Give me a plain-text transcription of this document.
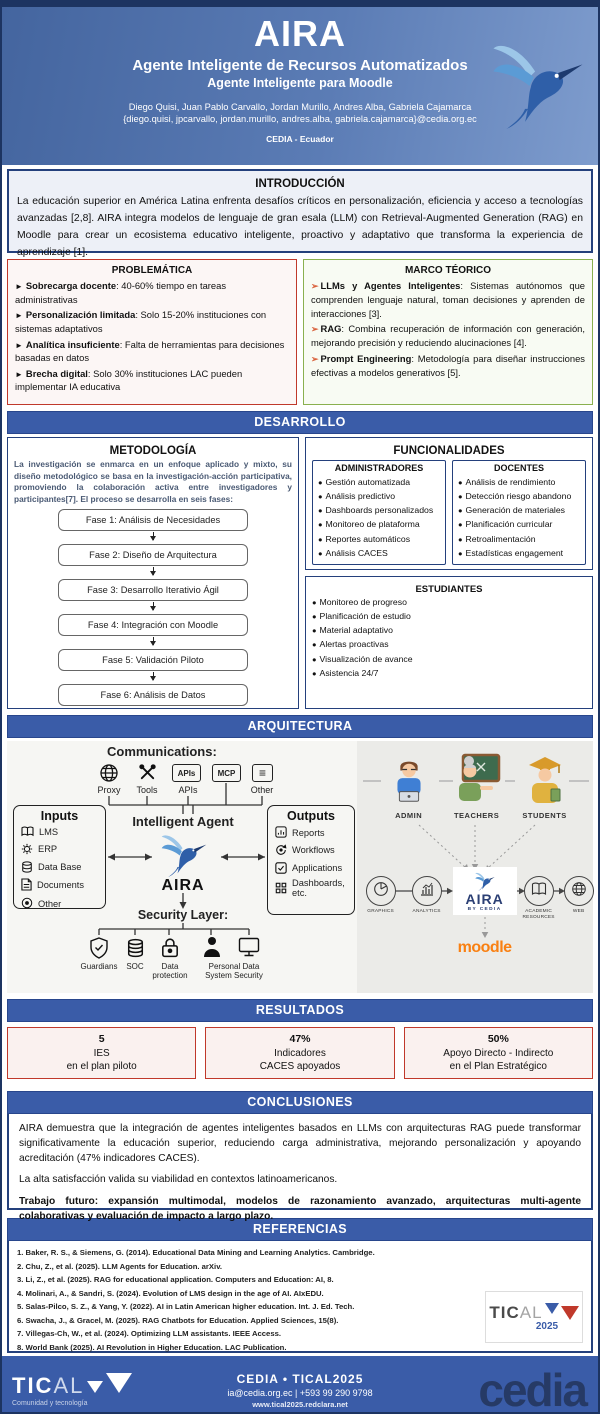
AIRA
Agente Inteligente de Recursos Automatizados
Agente Inteligente para Moodle
Diego Quisi, Juan Pablo Carvallo, Jordan Murillo, Andres Alba, Gabriela Cajamarca
{diego.quisi, jpcarvallo, jordan.murillo, andres.alba, gabriela.cajamarca}@cedia.org.ec
CEDIA - Ecuador
INTRODUCCIÓN

La educación superior en América Latina enfrenta desafíos críticos en personalización, eficiencia y acceso a tecnologías avanzadas [2,8]. AIRA integra modelos de lenguaje de gran esala (LLM) con Retrieval-Augmented Generation (RAG) en Moodle para crear un ecosistema educativo inteligente, proactivo y adaptativo que transforma la experiencia de aprendizaje [1].

PROBLEMÁTICA
► Sobrecarga docente: 40-60% tiempo en tareas administrativas
► Personalización limitada: Solo 15-20% instituciones con sistemas adaptativos
► Analítica insuficiente: Falta de herramientas para decisiones basadas en datos
► Brecha digital: Solo 30% instituciones LAC pueden implementar IA educativa
MARCO TÉORICO
➢ LLMs y Agentes Inteligentes: Sistemas autónomos que comprenden lenguaje natural, toman decisiones y aprenden de interacciones [3].
➢ RAG: Combina recuperación de información con generación, mejorando precisión y reduciendo alucinaciones [4].
➢ Prompt Engineering: Metodología para diseñar instrucciones efectivas a modelos generativos [5].
DESARROLLO
METODOLOGÍA

La investigación se enmarca en un enfoque aplicado y mixto, su diseño metodológico se basa en la investigación-acción participativa, promoviendo la colaboración activa entre investigadores y participantes[7]. El proceso se desarrolla en seis fases:

Fase 1: Análisis de Necesidades
Fase 2: Diseño de Arquitectura
Fase 3: Desarrollo Iterativio Ágil
Fase 4: Integración con Moodle
Fase 5: Validación Piloto
Fase 6: Análisis de Datos
FUNCIONALIDADES
ADMINISTRADORES
● Gestión automatizada
● Análisis predictivo
● Dashboards personalizados
● Monitoreo de plataforma
● Reportes automáticos
● Análisis CACES
DOCENTES
● Análisis de rendimiento
● Detección riesgo abandono
● Generación de materiales
● Planificación curricular
● Retroalimentación
● Estadísticas engagement
ESTUDIANTES
● Monitoreo de progreso
● Planificación de estudio
● Material adaptativo
● Alertas proactivas
● Visualización de avance
● Asistencia 24/7
ARQUITECTURA
Communications:
APIs	MCP	≡
Proxy	Tools	APIs	Other
Intelligent Agent
AIRA
Inputs
LMS
ERP
Data Base
Documents
Other
Outputs
Reports
Workflows
Applications
Dashboards, etc.
Security Layer:
Guardians	SOC	Data protection
Personal Data System Security
ADMIN	TEACHERS	STUDENTS
GRAPHICS	ANALYTICS	ACADEMIC RESOURCES
WEB
AIRA
BY CEDIA
moodle
RESULTADOS
5
IES
en el plan piloto
47%
Indicadores
CACES apoyados
50%
Apoyo Directo - Indirecto
en el Plan Estratégico
CONCLUSIONES

AIRA demuestra que la integración de agentes inteligentes basados en LLMs con arquitecturas RAG puede transformar significativamente la educación superior, reduciendo carga administrativa, mejorando personalización y apoyando acreditación (47% indicadores CACES).

La alta satisfacción valida su viabilidad en contextos latinoamericanos.

Trabajo futuro: expansión multimodal, modelos de razonamiento avanzado, arquitecturas multi-agente colaborativas y evaluación de impacto a largo plazo.

REFERENCIAS
1. Baker, R. S., & Siemens, G. (2014). Educational Data Mining and Learning Analytics. Cambridge.
2. Chu, Z., et al. (2025). LLM Agents for Education. arXiv.
3. Li, Z., et al. (2025). RAG for educational application. Computers and Education: AI, 8.
4. Molinari, A., & Sandri, S. (2024). Evolution of LMS design in the age of AI. AIxEDU.
5. Salas-Pilco, S. Z., & Yang, Y. (2022). AI in Latin American higher education. Int. J. Ed. Tech.
6. Swacha, J., & Gracel, M. (2025). RAG Chatbots for Education. Applied Sciences, 15(8).
7. Villegas-Ch, W., et al. (2024). Optimizing LLM assistants. IEEE Access.
8. World Bank (2025). AI Revolution in Higher Education. LAC Publication.
TIC AL
2025
TIC AL
Comunidad y tecnología
CEDIA • TICAL2025
ia@cedia.org.ec | +593 99 290 9798
www.tical2025.redclara.net	cedia
